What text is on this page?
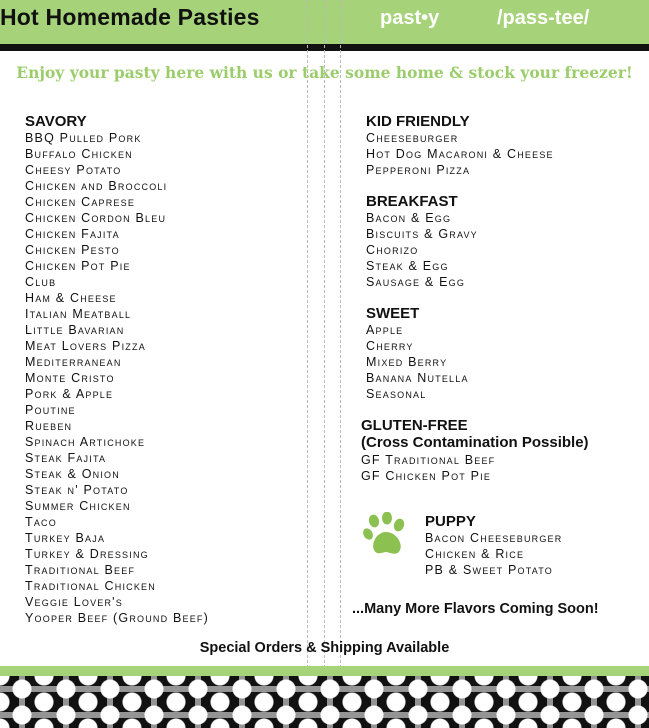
Hot Homemade Pasties	past•y	/pass-tee/
Enjoy your pasty here with us or take some home & stock your freezer!
SAVORY
BBQ Pulled Pork
Buffalo Chicken
Cheesy Potato
Chicken and Broccoli
Chicken Caprese
Chicken Cordon Bleu
Chicken Fajita
Chicken Pesto
Chicken Pot Pie
Club
Ham & Cheese
Italian Meatball
Little Bavarian
Meat Lovers Pizza
Mediterranean
Monte Cristo
Pork & Apple
Poutine
Rueben
Spinach Artichoke
Steak Fajita
Steak & Onion
Steak n' Potato
Summer Chicken
Taco
Turkey Baja
Turkey & Dressing
Traditional Beef
Traditional Chicken
Veggie Lover's
Yooper Beef (Ground Beef)
KID FRIENDLY
Cheeseburger
Hot Dog Macaroni & Cheese
Pepperoni Pizza
BREAKFAST
Bacon & Egg
Biscuits & Gravy
Chorizo
Steak & Egg
Sausage & Egg
SWEET
Apple
Cherry
Mixed Berry
Banana Nutella
Seasonal
GLUTEN-FREE
(Cross Contamination Possible)
GF Traditional Beef
GF Chicken Pot Pie
PUPPY
Bacon Cheeseburger
Chicken & Rice
PB & Sweet Potato
...Many More Flavors Coming Soon!
Special Orders & Shipping Available
